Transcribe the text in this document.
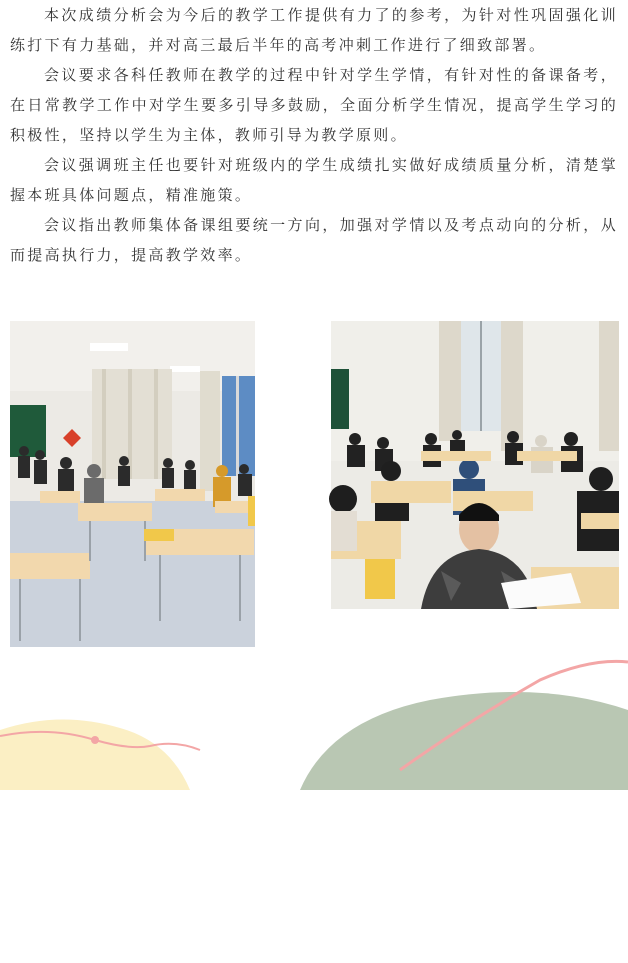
本次成绩分析会为今后的教学工作提供有力了的参考，为针对性巩固强化训练打下有力基础，并对高三最后半年的高考冲刺工作进行了细致部署。

会议要求各科任教师在教学的过程中针对学生学情，有针对性的备课备考，在日常教学工作中对学生要多引导多鼓励，全面分析学生情况，提高学生学习的积极性，坚持以学生为主体，教师引导为教学原则。

会议强调班主任也要针对班级内的学生成绩扎实做好成绩质量分析，清楚掌握本班具体问题点，精准施策。

会议指出教师集体备课组要统一方向，加强对学情以及考点动向的分析，从而提高执行力，提高教学效率。

武汉教育科学研究院
